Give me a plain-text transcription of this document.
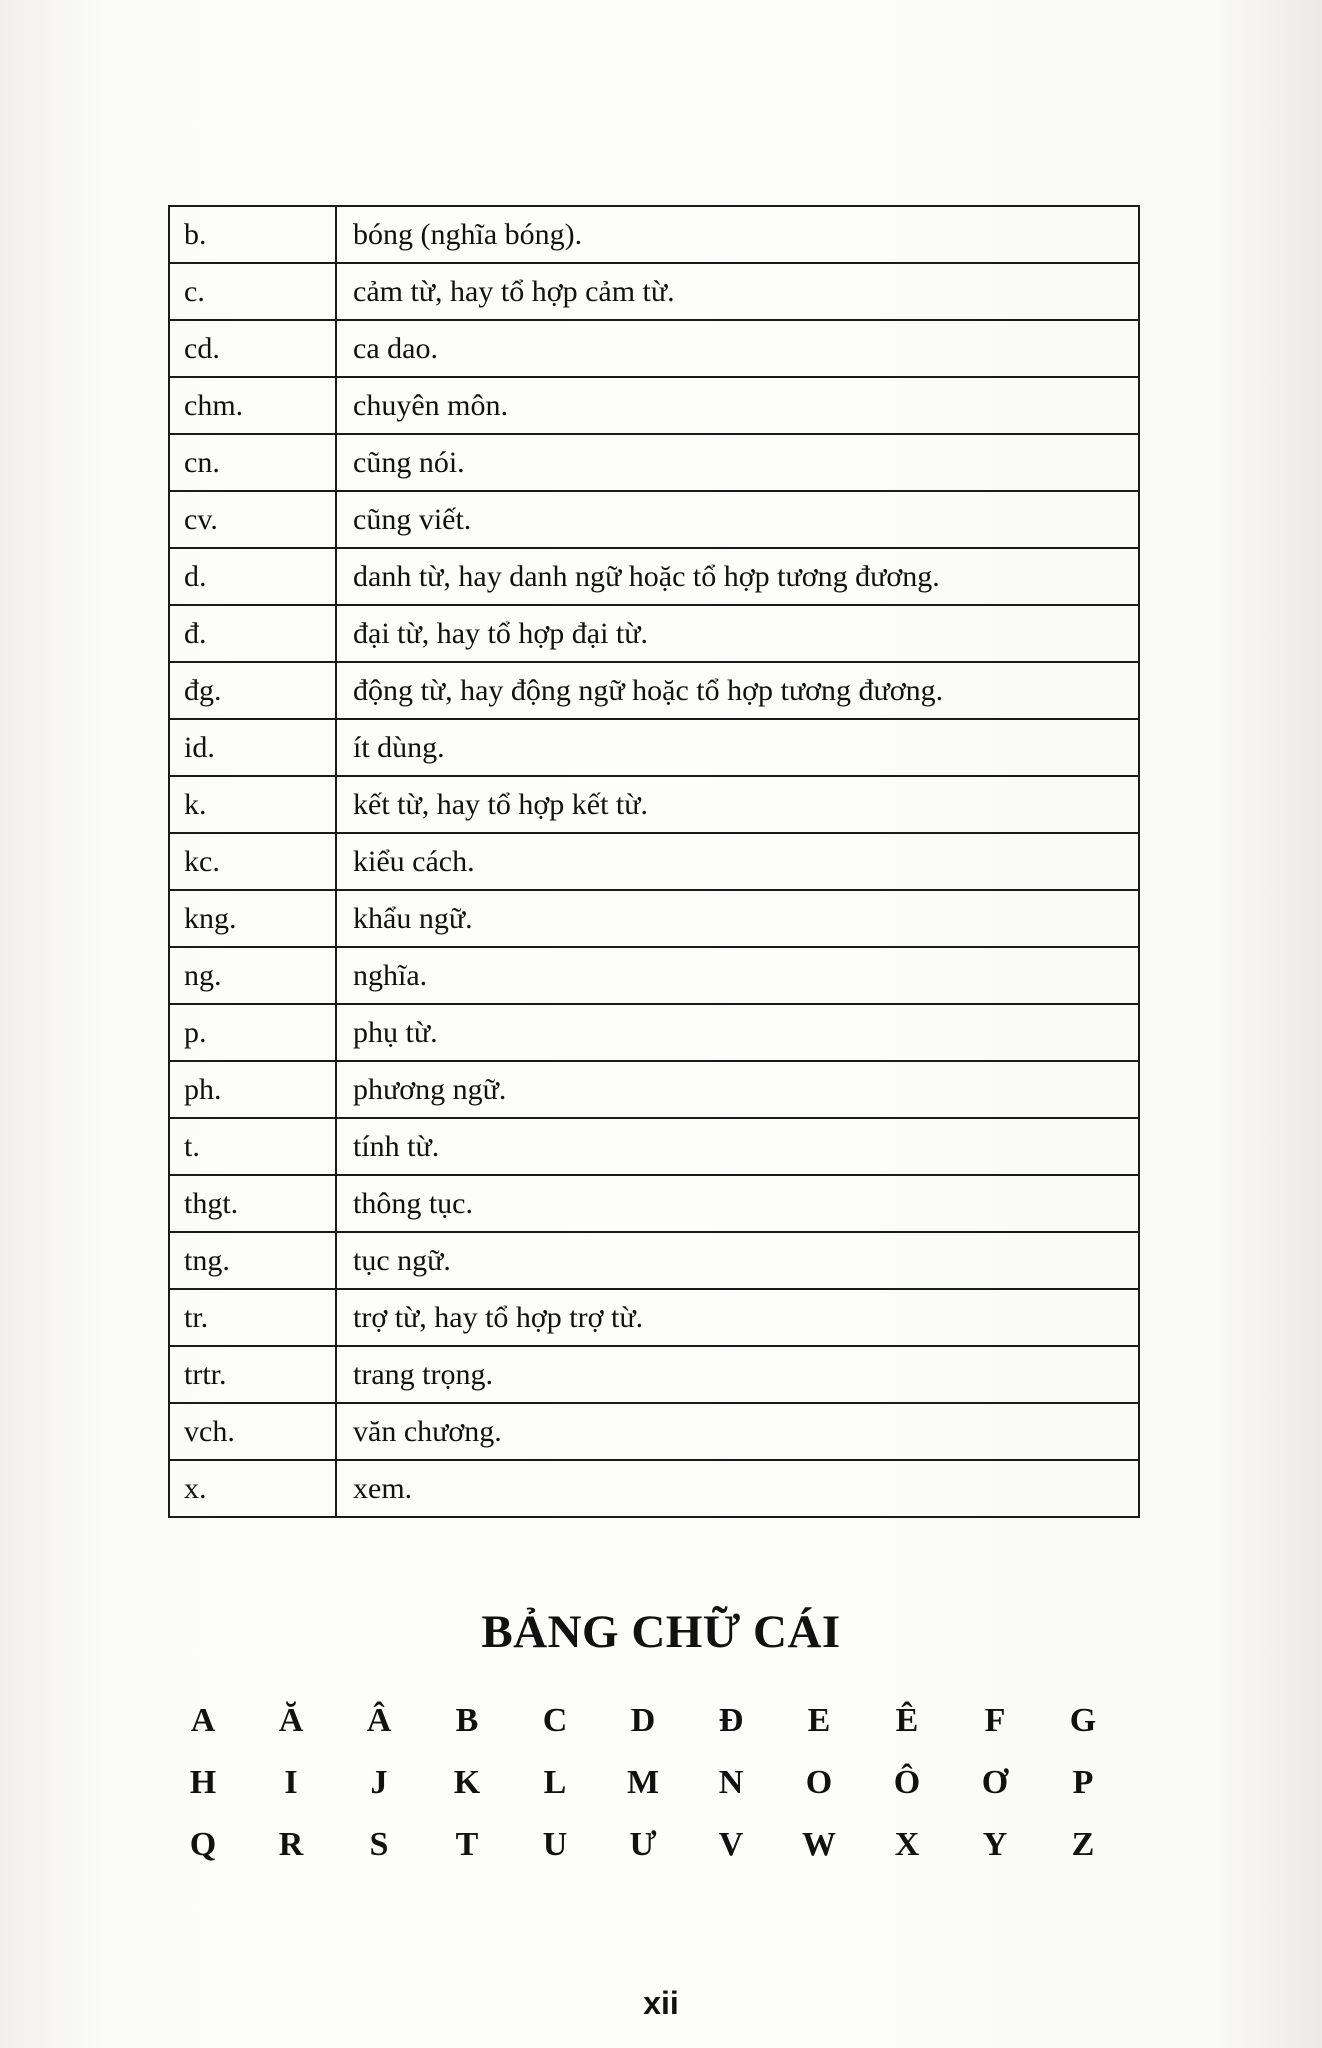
b.	bóng (nghĩa bóng).
c.	cảm từ, hay tổ hợp cảm từ.
cd.	ca dao.
chm.	chuyên môn.
cn.	cũng nói.
cv.	cũng viết.
d.	danh từ, hay danh ngữ hoặc tổ hợp tương đương.
đ.	đại từ, hay tổ hợp đại từ.
đg.	động từ, hay động ngữ hoặc tổ hợp tương đương.
id.	ít dùng.
k.	kết từ, hay tổ hợp kết từ.
kc.	kiểu cách.
kng.	khẩu ngữ.
ng.	nghĩa.
p.	phụ từ.
ph.	phương ngữ.
t.	tính từ.
thgt.	thông tục.
tng.	tục ngữ.
tr.	trợ từ, hay tổ hợp trợ từ.
trtr.	trang trọng.
vch.	văn chương.
x.	xem.
BẢNG CHỮ CÁI
A	Ă	Â	B	C	D	Đ	E	Ê	F	G
H	I	J	K	L	M	N	O	Ô	Ơ	P
Q	R	S	T	U	Ư	V	W	X	Y	Z
xii
